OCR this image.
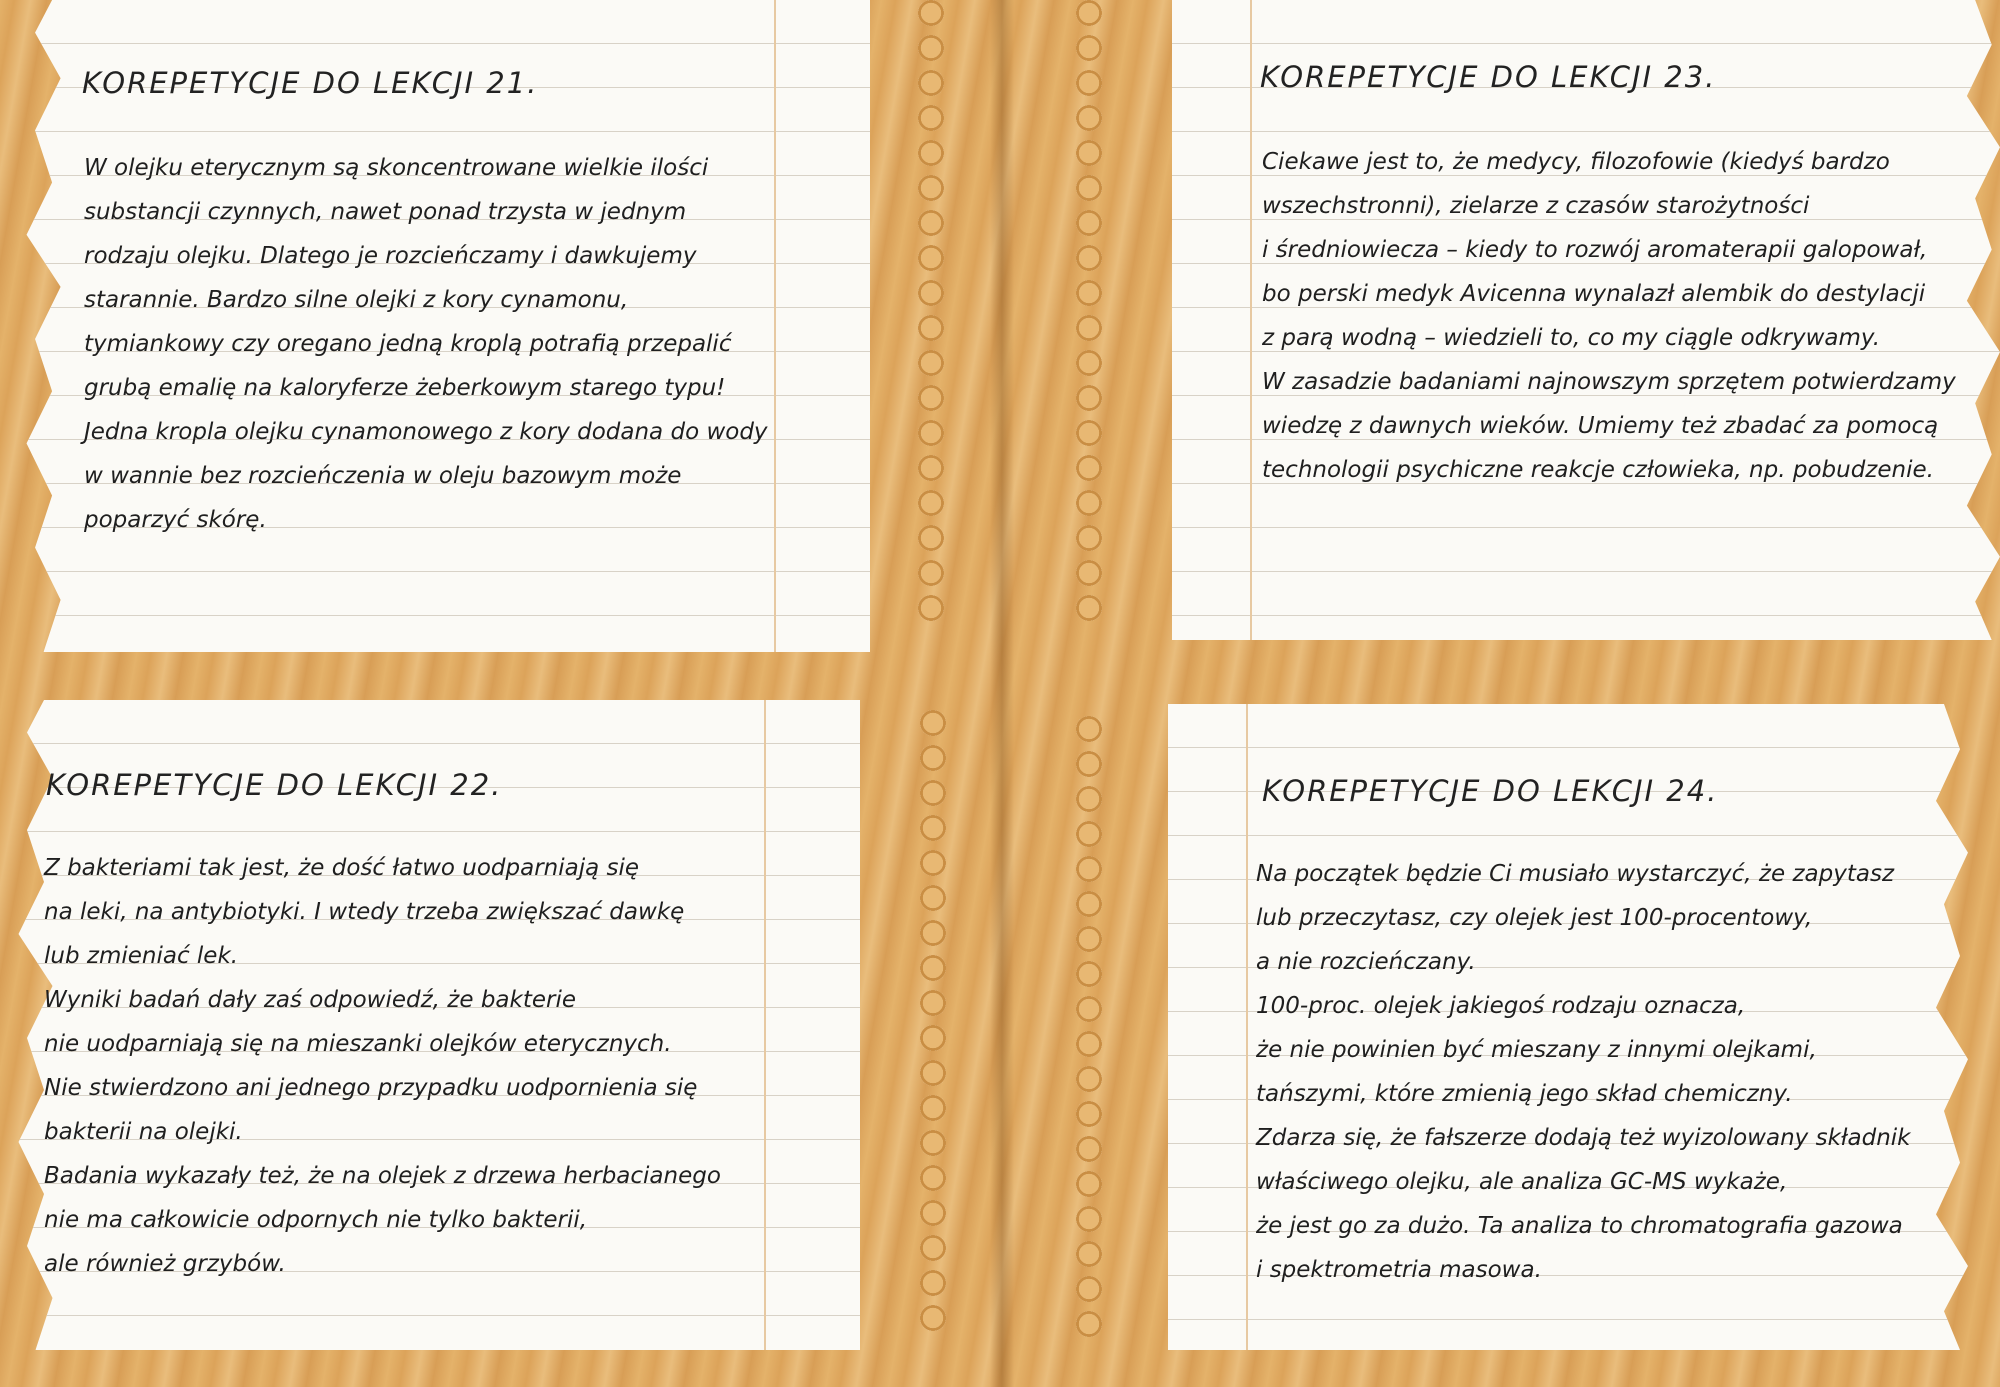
KOREPETYCJE DO LEKCJI 21.

W olejku eterycznym są skoncentrowane wielkie ilości

substancji czynnych, nawet ponad trzysta w jednym

rodzaju olejku. Dlatego je rozcieńczamy i dawkujemy

starannie. Bardzo silne olejki z kory cynamonu,

tymiankowy czy oregano jedną kroplą potrafią przepalić

grubą emalię na kaloryferze żeberkowym starego typu!

Jedna kropla olejku cynamonowego z kory dodana do wody

w wannie bez rozcieńczenia w oleju bazowym może

poparzyć skórę.

KOREPETYCJE DO LEKCJI 23.

Ciekawe jest to, że medycy, filozofowie (kiedyś bardzo

wszechstronni), zielarze z czasów starożytności

i średniowiecza – kiedy to rozwój aromaterapii galopował,

bo perski medyk Avicenna wynalazł alembik do destylacji

z parą wodną – wiedzieli to, co my ciągle odkrywamy.

W zasadzie badaniami najnowszym sprzętem potwierdzamy

wiedzę z dawnych wieków. Umiemy też zbadać za pomocą

technologii psychiczne reakcje człowieka, np. pobudzenie.

KOREPETYCJE DO LEKCJI 22.

Z bakteriami tak jest, że dość łatwo uodparniają się

na leki, na antybiotyki. I wtedy trzeba zwiększać dawkę

lub zmieniać lek.

Wyniki badań dały zaś odpowiedź, że bakterie

nie uodparniają się na mieszanki olejków eterycznych.

Nie stwierdzono ani jednego przypadku uodpornienia się

bakterii na olejki.

Badania wykazały też, że na olejek z drzewa herbacianego

nie ma całkowicie odpornych nie tylko bakterii,

ale również grzybów.

KOREPETYCJE DO LEKCJI 24.

Na początek będzie Ci musiało wystarczyć, że zapytasz

lub przeczytasz, czy olejek jest 100-procentowy,

a nie rozcieńczany.

100-proc. olejek jakiegoś rodzaju oznacza,

że nie powinien być mieszany z innymi olejkami,

tańszymi, które zmienią jego skład chemiczny.

Zdarza się, że fałszerze dodają też wyizolowany składnik

właściwego olejku, ale analiza GC-MS wykaże,

że jest go za dużo. Ta analiza to chromatografia gazowa

i spektrometria masowa.
